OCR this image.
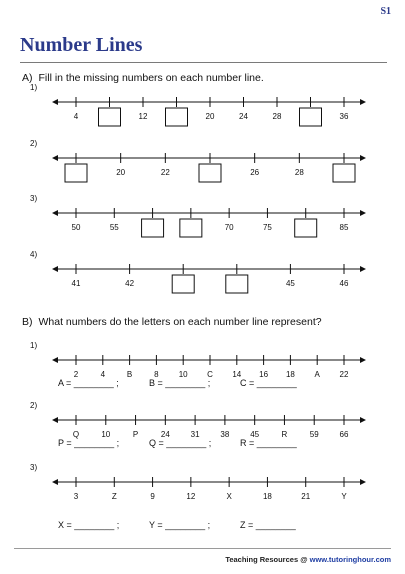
S1
Number Lines
A) Fill in the missing numbers on each number line.
B) What numbers do the letters on each number line represent?
1)
4	12	20	24	28	36
2)
20	22	26	28
3)
50	55	70	75	85
4)
41	42	45	46
1)
2	4	B	8	10 C 14 16 18 A 22
A = ________ ;	B = ________ ;	C = ________
2)
Q	10	P	24	31	38	45	R	59	66
P = ________ ;	Q = ________ ;	R = ________
3)
3	Z	9	12	X	18	21	Y
X = ________ ;	Y = ________ ;	Z = ________
Teaching Resources @ www.tutoringhour.com
